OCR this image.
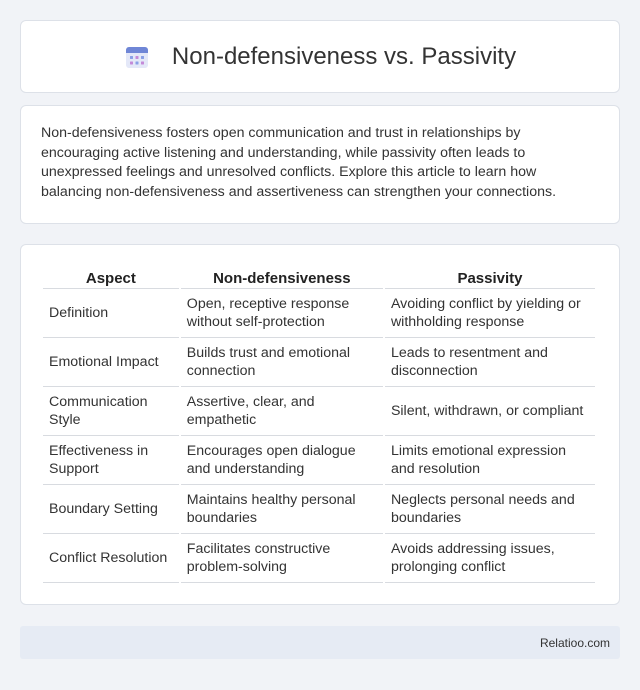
Non-defensiveness vs. Passivity

Non-defensiveness fosters open communication and trust in relationships by encouraging active listening and understanding, while passivity often leads to unexpressed feelings and unresolved conflicts. Explore this article to learn how balancing non-defensiveness and assertiveness can strengthen your connections.

Aspect	Non-defensiveness	Passivity
Definition	Open, receptive response without self-protection	Avoiding conflict by yielding or withholding response
Emotional Impact	Builds trust and emotional connection	Leads to resentment and disconnection
Communication Style	Assertive, clear, and empathetic	Silent, withdrawn, or compliant
Effectiveness in Support	Encourages open dialogue and understanding	Limits emotional expression and resolution
Boundary Setting	Maintains healthy personal boundaries	Neglects personal needs and boundaries
Conflict Resolution	Facilitates constructive problem-solving	Avoids addressing issues, prolonging conflict
Relatioo.com
